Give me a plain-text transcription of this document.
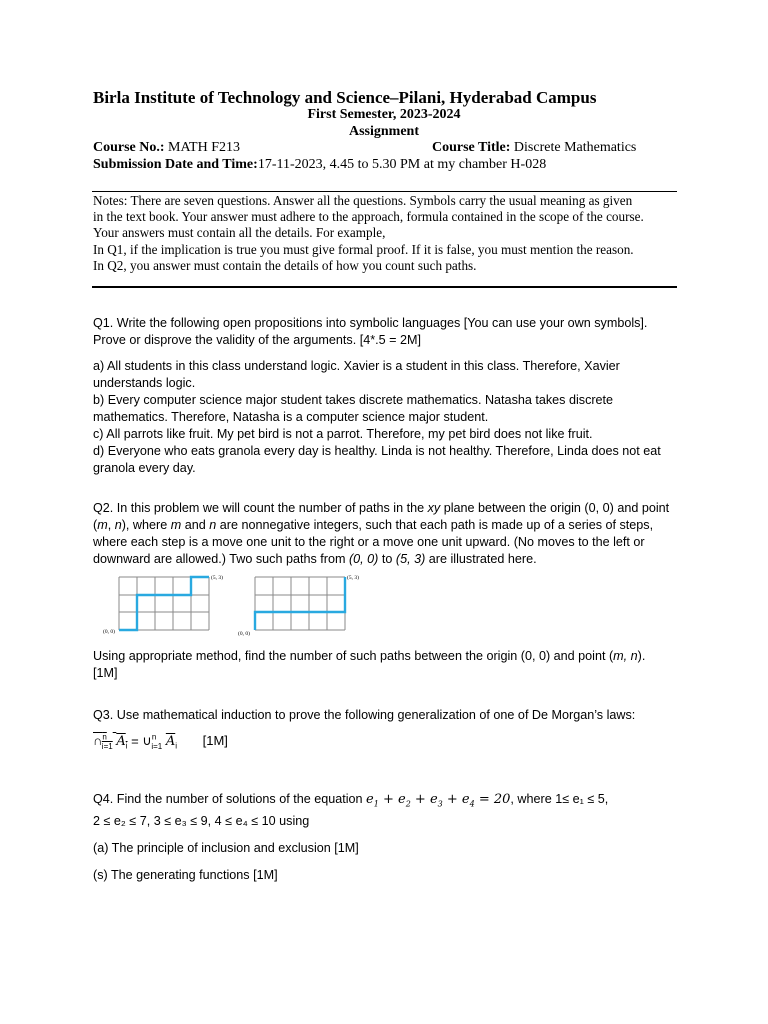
Birla Institute of Technology and Science–Pilani, Hyderabad Campus
First Semester, 2023-2024
Assignment
Course No.: MATH F213	Course Title: Discrete Mathematics
Submission Date and Time:17-11-2023, 4.45 to 5.30 PM at my chamber H-028
Notes: There are seven questions. Answer all the questions. Symbols carry the usual meaning as given
in the text book. Your answer must adhere to the approach, formula contained in the scope of the course.
Your answers must contain all the details. For example,
In Q1, if the implication is true you must give formal proof. If it is false, you must mention the reason.
In Q2, you answer must contain the details of how you count such paths.

Q1. Write the following open propositions into symbolic languages [You can use your own symbols].

Prove or disprove the validity of the arguments. [4*.5 = 2M]

a) All students in this class understand logic. Xavier is a student in this class. Therefore, Xavier understands logic.

b) Every computer science major student takes discrete mathematics. Natasha takes discrete mathematics. Therefore, Natasha is a computer science major student.

c) All parrots like fruit. My pet bird is not a parrot. Therefore, my pet bird does not like fruit.

d) Everyone who eats granola every day is healthy. Linda is not healthy. Therefore, Linda does not eat granola every day.

Q2. In this problem we will count the number of paths in the xy plane between the origin (0, 0) and point (m, n), where m and n are nonnegative integers, such that each path is made up of a series of steps, where each step is a move one unit to the right or a move one unit upward. (No moves to the left or downward are allowed.) Two such paths from (0, 0) to (5, 3) are illustrated here.

(0, 0)
(5, 3)
(0, 0)
(5, 3)

Using appropriate method, find the number of such paths between the origin (0, 0) and point (m, n).

[1M]

Q3. Use mathematical induction to prove the following generalization of one of De Morgan’s laws:

∩$^n_{i=1}$ $A_i$ = ∪$^n_{i=1}$ $\overline{A}_i$ [1M]

Q4. Find the number of solutions of the equation $e_1 + e_2 + e_3 + e_4 = 20$, where 1≤ e₁ ≤ 5,

2 ≤ e₂ ≤ 7, 3 ≤ e₃ ≤ 9, 4 ≤ e₄ ≤ 10 using

(a) The principle of inclusion and exclusion [1M]

(s) The generating functions [1M]
